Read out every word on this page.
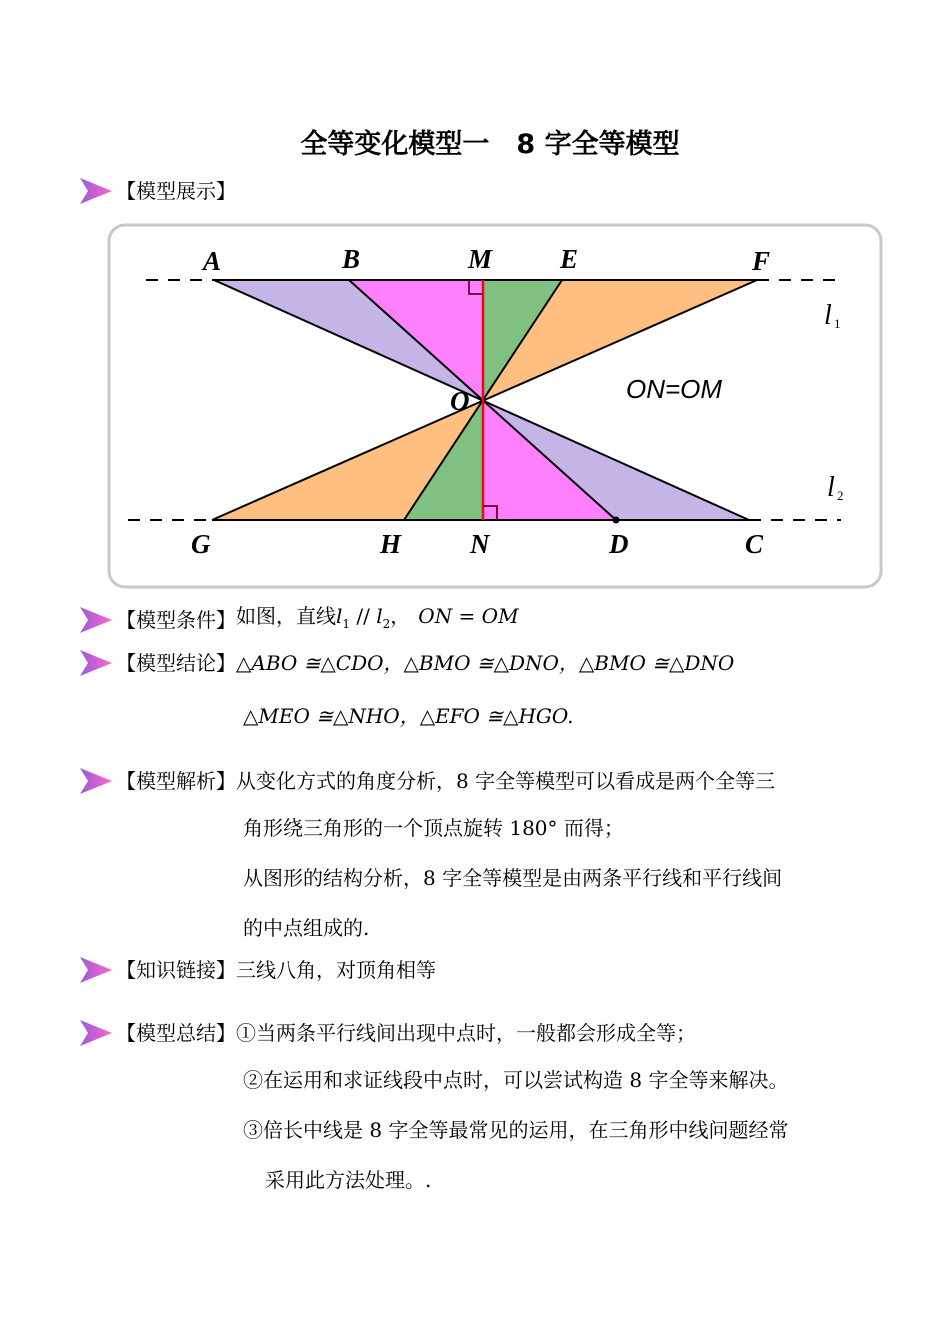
全等变化模型一　8 字全等模型
【模型展示】
A	B	M	E	F
O
G	H	N	D	C
l
l
1
2
ON=OM
【模型条件】如图，直线$l_1 // l_2$， ON = OM
【模型结论】△ABO ≅△CDO，△BMO ≅△DNO，△BMO ≅△DNO
△MEO ≅△NHO，△EFO ≅△HGO.
【模型解析】从变化方式的角度分析，8 字全等模型可以看成是两个全等三
角形绕三角形的一个顶点旋转 180° 而得；
从图形的结构分析，8 字全等模型是由两条平行线和平行线间
的中点组成的.
【知识链接】三线八角，对顶角相等
【模型总结】①当两条平行线间出现中点时，一般都会形成全等；
②在运用和求证线段中点时，可以尝试构造 8 字全等来解决。
③倍长中线是 8 字全等最常见的运用，在三角形中线问题经常
采用此方法处理。.
